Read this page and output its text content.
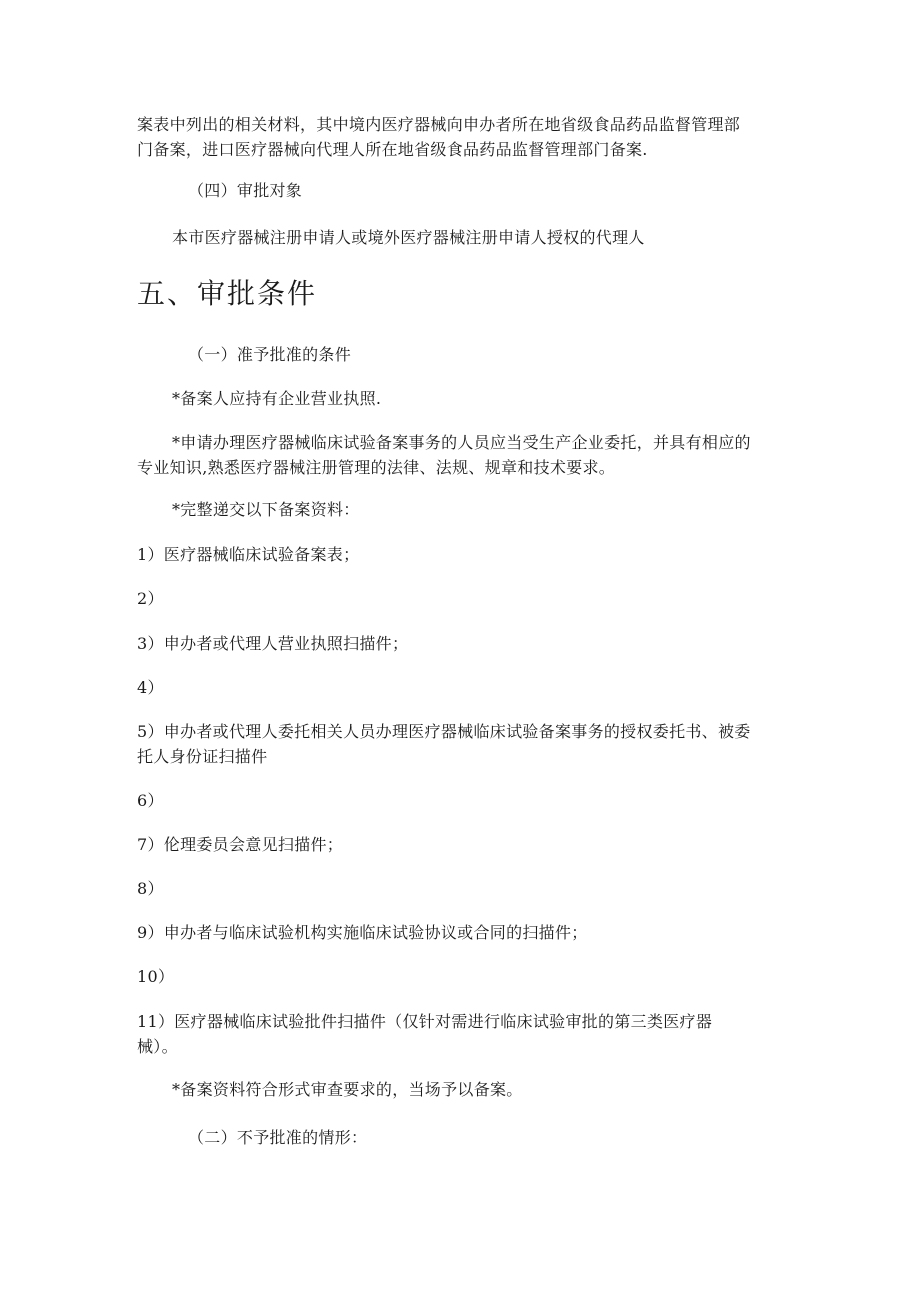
案表中列出的相关材料，其中境内医疗器械向申办者所在地省级食品药品监督管理部
门备案，进口医疗器械向代理人所在地省级食品药品监督管理部门备案.
（四）审批对象
本市医疗器械注册申请人或境外医疗器械注册申请人授权的代理人
五、审批条件
（一）准予批准的条件
*备案人应持有企业营业执照.
*申请办理医疗器械临床试验备案事务的人员应当受生产企业委托，并具有相应的
专业知识,熟悉医疗器械注册管理的法律、法规、规章和技术要求。
*完整递交以下备案资料：
1）医疗器械临床试验备案表；
2）
3）申办者或代理人营业执照扫描件；
4）
5）申办者或代理人委托相关人员办理医疗器械临床试验备案事务的授权委托书、被委
托人身份证扫描件
6）
7）伦理委员会意见扫描件；
8）
9）申办者与临床试验机构实施临床试验协议或合同的扫描件；
10）
11）医疗器械临床试验批件扫描件（仅针对需进行临床试验审批的第三类医疗器
械）。
*备案资料符合形式审查要求的，当场予以备案。
（二）不予批准的情形：
